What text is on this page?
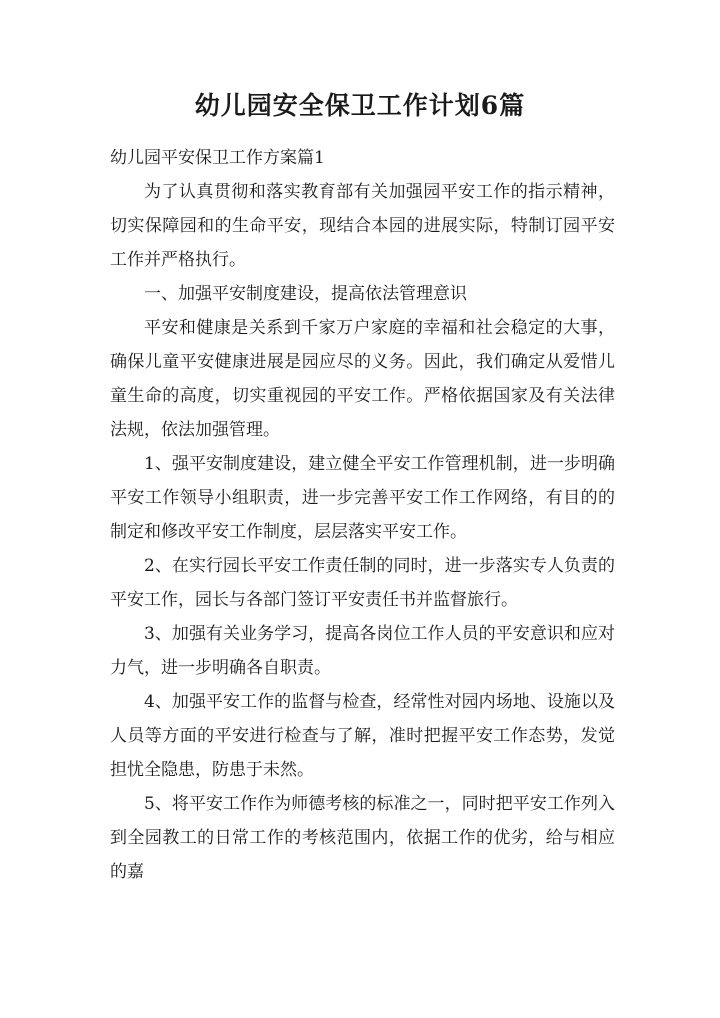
幼儿园安全保卫工作计划6篇

幼儿园平安保卫工作方案篇1

为了认真贯彻和落实教育部有关加强园平安工作的指示精神，切实保障园和的生命平安，现结合本园的进展实际，特制订园平安工作并严格执行。

一、加强平安制度建设，提高依法管理意识

平安和健康是关系到千家万户家庭的幸福和社会稳定的大事，确保儿童平安健康进展是园应尽的义务。因此，我们确定从爱惜儿童生命的高度，切实重视园的平安工作。严格依据国家及有关法律法规，依法加强管理。

1、强平安制度建设，建立健全平安工作管理机制，进一步明确平安工作领导小组职责，进一步完善平安工作工作网络，有目的的制定和修改平安工作制度，层层落实平安工作。

2、在实行园长平安工作责任制的同时，进一步落实专人负责的平安工作，园长与各部门签订平安责任书并监督旅行。

3、加强有关业务学习，提高各岗位工作人员的平安意识和应对力气，进一步明确各自职责。

4、加强平安工作的监督与检查，经常性对园内场地、设施以及人员等方面的平安进行检查与了解，准时把握平安工作态势，发觉担忧全隐患，防患于未然。

5、将平安工作作为师德考核的标准之一，同时把平安工作列入到全园教工的日常工作的考核范围内，依据工作的优劣，给与相应的嘉
